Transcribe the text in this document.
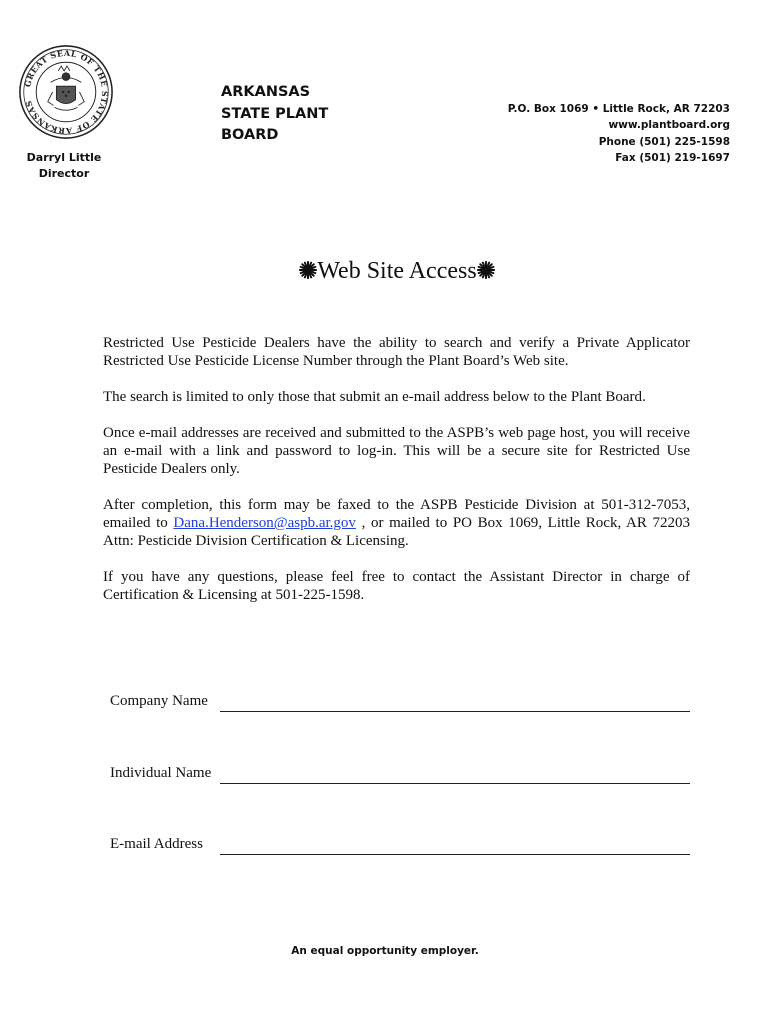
GREAT SEAL OF THE STATE OF ARKANSAS
Darryl Little
Director
ARKANSAS
STATE PLANT
BOARD
P.O. Box 1069 • Little Rock, AR 72203
www.plantboard.org
Phone (501) 225-1598
Fax (501) 219-1697
Web Site Access

Restricted Use Pesticide Dealers have the ability to search and verify a Private Applicator Restricted Use Pesticide License Number through the Plant Board’s Web site.

The search is limited to only those that submit an e-mail address below to the Plant Board.

Once e-mail addresses are received and submitted to the ASPB’s web page host, you will receive an e-mail with a link and password to log-in. This will be a secure site for Restricted Use Pesticide Dealers only.

After completion, this form may be faxed to the ASPB Pesticide Division at 501-312-7053, emailed to Dana.Henderson@aspb.ar.gov , or mailed to PO Box 1069, Little Rock, AR 72203 Attn: Pesticide Division Certification & Licensing.

If you have any questions, please feel free to contact the Assistant Director in charge of Certification & Licensing at 501-225-1598.

Company Name
Individual Name
E-mail Address
An equal opportunity employer.
